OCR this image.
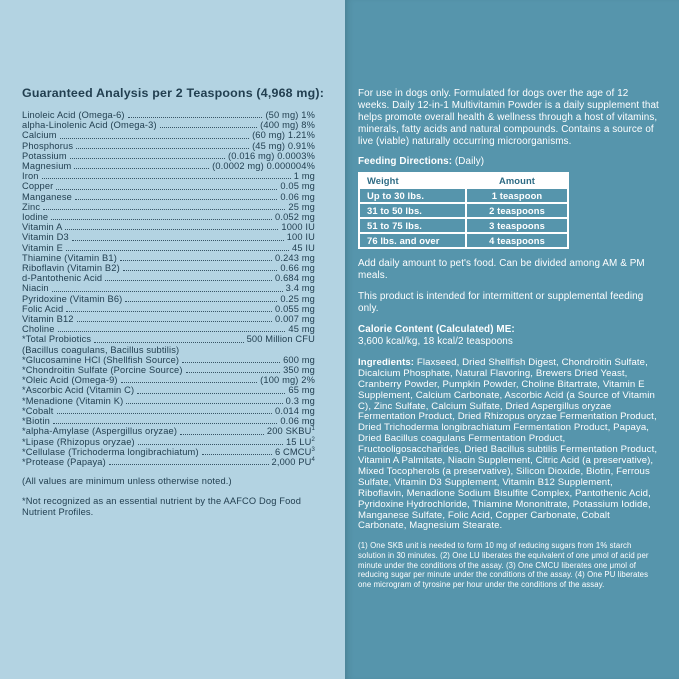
Guaranteed Analysis per 2 Teaspoons (4,968 mg):
Linoleic Acid (Omega-6)	(50 mg) 1%
alpha-Linolenic Acid (Omega-3)	(400 mg) 8%
Calcium	(60 mg) 1.21%
Phosphorus	(45 mg) 0.91%
Potassium	(0.016 mg) 0.0003%
Magnesium	(0.0002 mg) 0.000004%
Iron	1 mg
Copper	0.05 mg
Manganese	0.06 mg
Zinc	25 mg
Iodine	0.052 mg
Vitamin A	1000 IU
Vitamin D3	100 IU
Vitamin E	45 IU
Thiamine (Vitamin B1)	0.243 mg
Riboflavin (Vitamin B2)	0.66 mg
d-Pantothenic Acid	0.684 mg
Niacin	3.4 mg
Pyridoxine (Vitamin B6)	0.25 mg
Folic Acid	0.055 mg
Vitamin B12	0.007 mg
Choline	45 mg
*Total Probiotics	500 Million CFU
(Bacillus coagulans, Bacillus subtilis)
*Glucosamine HCl (Shellfish Source)	600 mg
*Chondroitin Sulfate (Porcine Source)	350 mg
*Oleic Acid (Omega-9)	(100 mg) 2%
*Ascorbic Acid (Vitamin C)	65 mg
*Menadione (Vitamin K)	0.3 mg
*Cobalt	0.014 mg
*Biotin	0.06 mg
*alpha-Amylase (Aspergillus oryzae)	200 SKBU$^1$
*Lipase (Rhizopus oryzae)	15 $LU^2$
*Cellulase (Trichoderma longibrachiatum)	6 CMCU$^3$
*Protease (Papaya)	2,000 $PU^4$

(All values are minimum unless otherwise noted.)

*Not recognized as an essential nutrient by the AAFCO Dog Food Nutrient Profiles.

For use in dogs only. Formulated for dogs over the age of 12 weeks. Daily 12-in-1 Multivitamin Powder is a daily supplement that helps promote overall health & wellness through a host of vitamins, minerals, fatty acids and natural compounds. Contains a source of live (viable) naturally occurring microorganisms.

Feeding Directions: (Daily)

Weight	Amount
Up to 30 lbs.	1 teaspoon
31 to 50 lbs.	2 teaspoons
51 to 75 lbs.	3 teaspoons
76 lbs. and over	4 teaspoons

Add daily amount to pet's food. Can be divided among AM & PM meals.

This product is intended for intermittent or supplemental feeding only.

Calorie Content (Calculated) ME:

3,600 kcal/kg, 18 kcal/2 teaspoons

Ingredients: Flaxseed, Dried Shellfish Digest, Chondroitin Sulfate, Dicalcium Phosphate, Natural Flavoring, Brewers Dried Yeast, Cranberry Powder, Pumpkin Powder, Choline Bitartrate, Vitamin E Supplement, Calcium Carbonate, Ascorbic Acid (a Source of Vitamin C), Zinc Sulfate, Calcium Sulfate, Dried Aspergillus oryzae Fermentation Product, Dried Rhizopus oryzae Fermentation Product, Dried Trichoderma longibrachiatum Fermentation Product, Papaya, Dried Bacillus coagulans Fermentation Product, Fructooligosaccharides, Dried Bacillus subtilis Fermentation Product, Vitamin A Palmitate, Niacin Supplement, Citric Acid (a preservative), Mixed Tocopherols (a preservative), Silicon Dioxide, Biotin, Ferrous Sulfate, Vitamin D3 Supplement, Vitamin B12 Supplement, Riboflavin, Menadione Sodium Bisulfite Complex, Pantothenic Acid, Pyridoxine Hydrochloride, Thiamine Mononitrate, Potassium Iodide, Manganese Sulfate, Folic Acid, Copper Carbonate, Cobalt Carbonate, Magnesium Stearate.

(1) One SKB unit is needed to form 10 mg of reducing sugars from 1% starch solution in 30 minutes. (2) One LU liberates the equivalent of one μmol of acid per minute under the conditions of the assay. (3) One CMCU liberates one μmol of reducing sugar per minute under the conditions of the assay. (4) One PU liberates one microgram of tyrosine per hour under the conditions of the assay.
